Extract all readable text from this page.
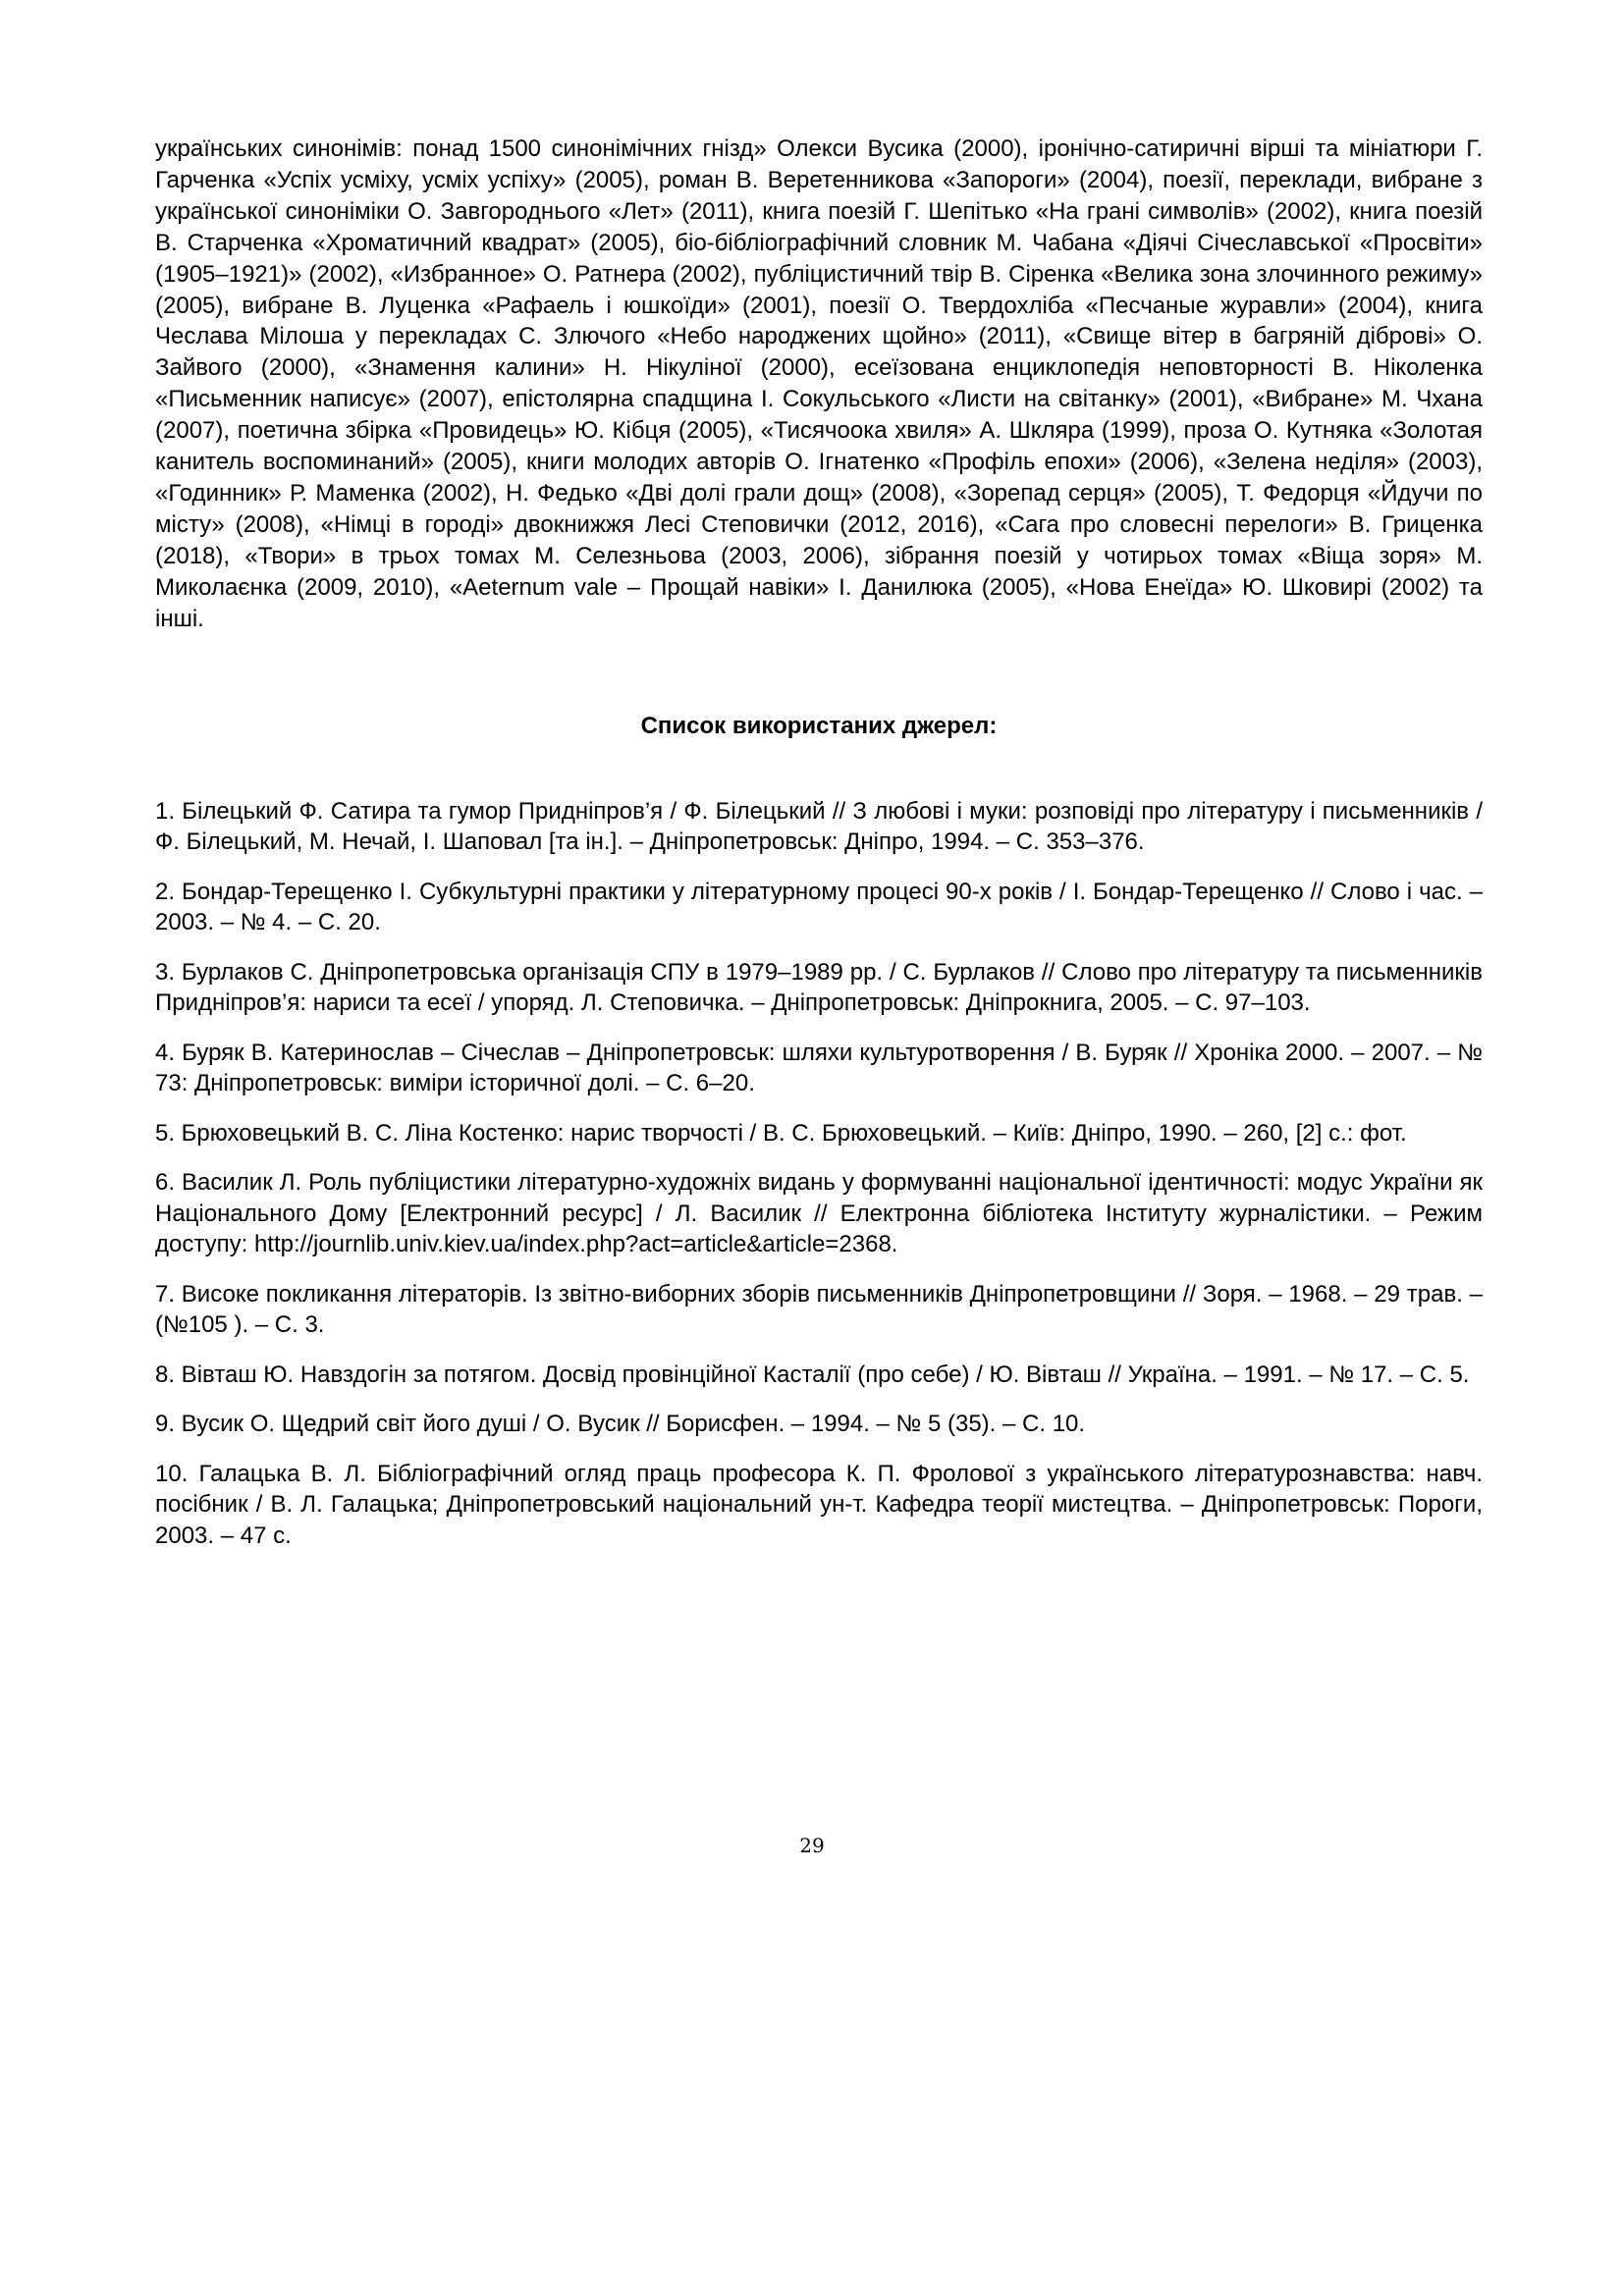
українських синонімів: понад 1500 синонімічних гнізд» Олекси Вусика (2000), іронічно-сатиричні вірші та мініатюри Г. Гарченка «Успіх усміху, усміх успіху» (2005), роман В. Веретенникова «Запороги» (2004), поезії, переклади, вибране з української синоніміки О. Завгороднього «Лет» (2011), книга поезій Г. Шепітько «На грані символів» (2002), книга поезій В. Старченка «Хроматичний квадрат» (2005), біо-бібліографічний словник М. Чабана «Діячі Січеславської «Просвіти» (1905–1921)» (2002), «Избранное» О. Ратнера (2002), публіцистичний твір В. Сіренка «Велика зона злочинного режиму» (2005), вибране В. Луценка «Рафаель і юшкоїди» (2001), поезії О. Твердохліба «Песчаные журавли» (2004), книга Чеслава Мілоша у перекладах С. Злючого «Небо народжених щойно» (2011), «Свище вітер в багряній діброві» О. Зайвого (2000), «Знамення калини» Н. Нікуліної (2000), есеїзована енциклопедія неповторності В. Ніколенка «Письменник написує» (2007), епістолярна спадщина І. Сокульського «Листи на світанку» (2001), «Вибране» М. Чхана (2007), поетична збірка «Провидець» Ю. Кібця (2005), «Тисячоока хвиля» А. Шкляра (1999), проза О. Кутняка «Золотая канитель воспоминаний» (2005), книги молодих авторів О. Ігнатенко «Профіль епохи» (2006), «Зелена неділя» (2003), «Годинник» Р. Маменка (2002), Н. Федько «Дві долі грали дощ» (2008), «Зорепад серця» (2005), Т. Федорця «Йдучи по місту» (2008), «Німці в городі» двокнижжя Лесі Степовички (2012, 2016), «Сага про словесні перелоги» В. Гриценка (2018), «Твори» в трьох томах М. Селезньова (2003, 2006), зібрання поезій у чотирьох томах «Віща зоря» М. Миколаєнка (2009, 2010), «Aeternum vale – Прощай навіки» І. Данилюка (2005), «Нова Енеїда» Ю. Шковирі (2002) та інші.

Список використаних джерел:
1. Білецький Ф. Сатира та гумор Придніпров’я / Ф. Білецький // З любові і муки: розповіді про літературу і письменників / Ф. Білецький, М. Нечай, І. Шаповал [та ін.]. – Дніпропетровськ: Дніпро, 1994. – С. 353–376.
2. Бондар-Терещенко І. Субкультурні практики у літературному процесі 90-х років / І. Бондар-Терещенко // Слово і час. – 2003. – № 4. – С. 20.
3. Бурлаков С. Дніпропетровська організація СПУ в 1979–1989 рр. / С. Бурлаков // Слово про літературу та письменників Придніпров’я: нариси та есеї / упоряд. Л. Степовичка. – Дніпропетровськ: Дніпрокнига, 2005. – С. 97–103.
4. Буряк В. Катеринослав – Січеслав – Дніпропетровськ: шляхи культуротворення / В. Буряк // Хроніка 2000. – 2007. – № 73: Дніпропетровськ: виміри історичної долі. – С. 6–20.
5. Брюховецький В. С. Ліна Костенко: нарис творчості / В. С. Брюховецький. – Київ: Дніпро, 1990. – 260, [2] с.: фот.
6. Василик Л. Роль публіцистики літературно-художніх видань у формуванні національної ідентичності: модус України як Національного Дому [Електронний ресурс] / Л. Василик // Електронна бібліотека Інституту журналістики. – Режим доступу: http://journlib.univ.kiev.ua/index.php?act=article&article=2368.
7. Високе покликання літераторів. Із звітно-виборних зборів письменників Дніпропетровщини // Зоря. – 1968. – 29 трав. – (№105 ). – С. 3.
8. Вівташ Ю. Навздогін за потягом. Досвід провінційної Касталії (про себе) / Ю. Вівташ // Україна. – 1991. – № 17. – С. 5.
9. Вусик О. Щедрий світ його душі / О. Вусик // Борисфен. – 1994. – № 5 (35). – С. 10.
10. Галацька В. Л. Бібліографічний огляд праць професора К. П. Фролової з українського літературознавства: навч. посібник / В. Л. Галацька; Дніпропетровський національний ун-т. Кафедра теорії мистецтва. – Дніпропетровськ: Пороги, 2003. – 47 с.
29
